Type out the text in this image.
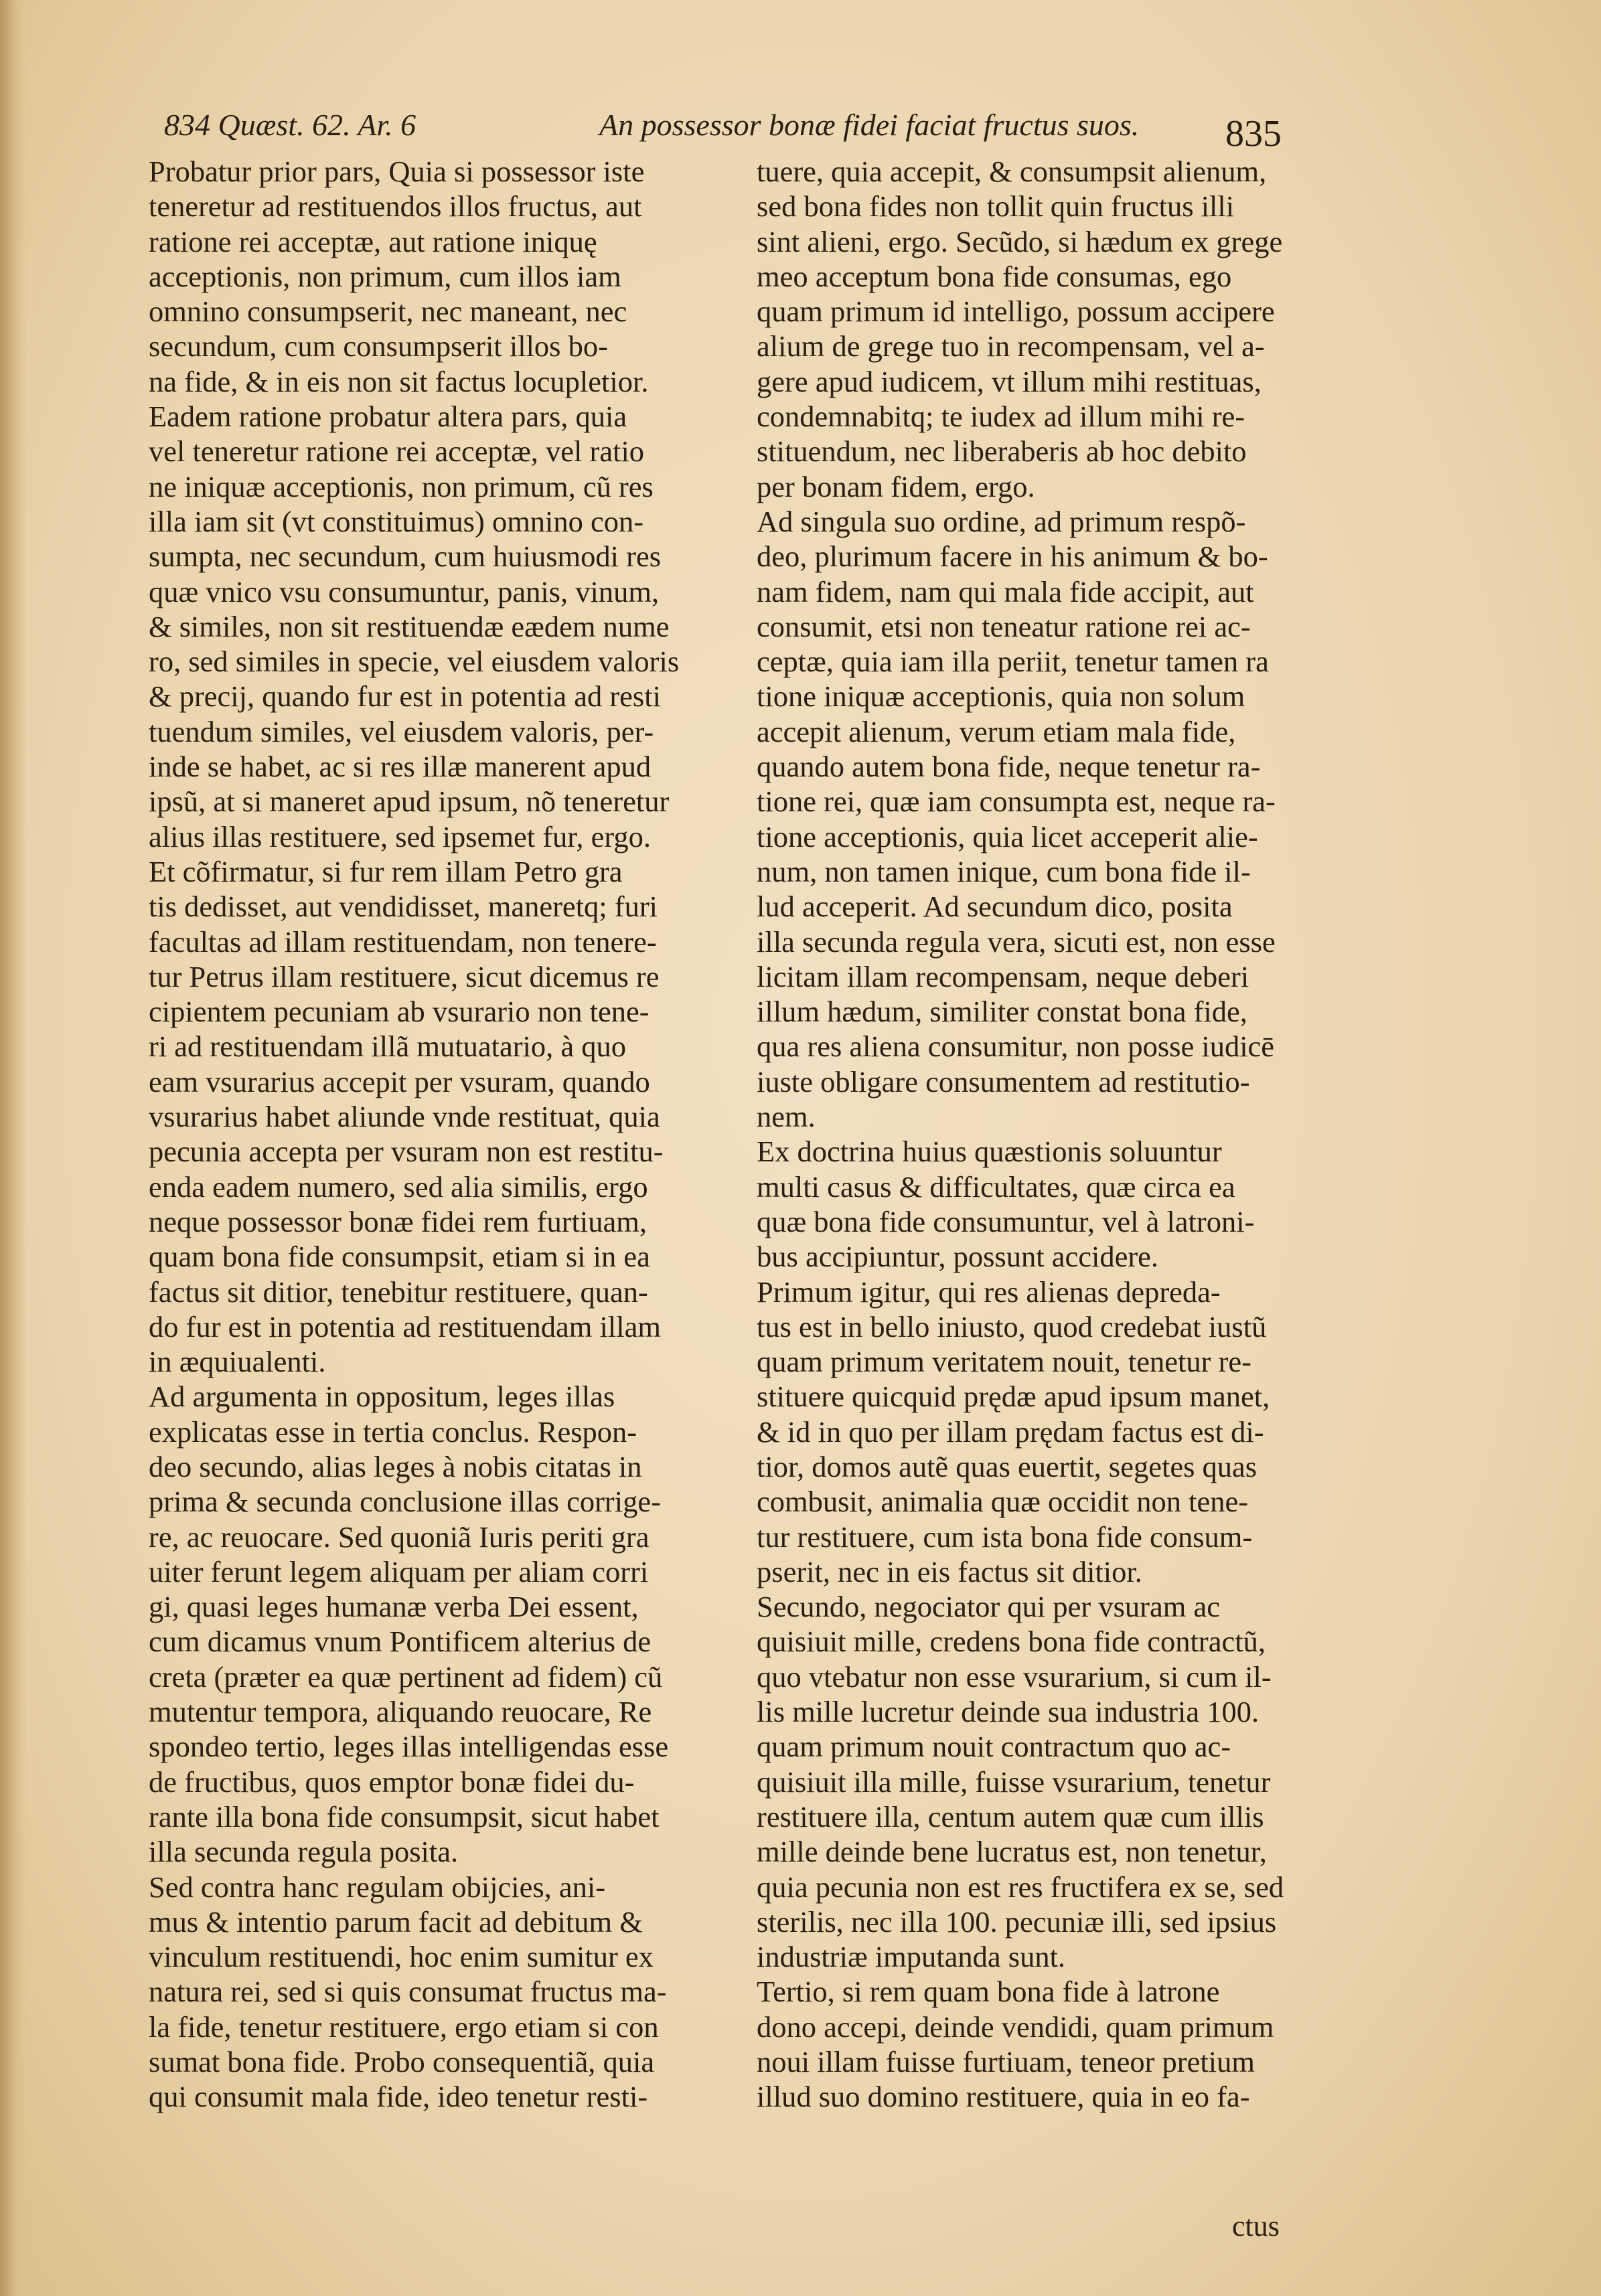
834 Quæst. 62. Ar. 6	An possessor bonæ fidei faciat fructus suos. 835
Probatur prior pars, Quia si possessor iste
teneretur ad restituendos illos fructus, aut
ratione rei acceptæ, aut ratione iniquę
acceptionis, non primum, cum illos iam
omnino consumpserit, nec maneant, nec
secundum, cum consumpserit illos bo-
na fide, & in eis non sit factus locupletior.
Eadem ratione probatur altera pars, quia
vel teneretur ratione rei acceptæ, vel ratio
ne iniquæ acceptionis, non primum, cũ res
illa iam sit (vt constituimus) omnino con-
sumpta, nec secundum, cum huiusmodi res
quæ vnico vsu consumuntur, panis, vinum,
& similes, non sit restituendæ eædem nume
ro, sed similes in specie, vel eiusdem valoris
& precij, quando fur est in potentia ad resti
tuendum similes, vel eiusdem valoris, per-
inde se habet, ac si res illæ manerent apud
ipsũ, at si maneret apud ipsum, nõ teneretur
alius illas restituere, sed ipsemet fur, ergo.
Et cõfirmatur, si fur rem illam Petro gra
tis dedisset, aut vendidisset, maneretq; furi
facultas ad illam restituendam, non tenere-
tur Petrus illam restituere, sicut dicemus re
cipientem pecuniam ab vsurario non tene-
ri ad restituendam illã mutuatario, à quo
eam vsurarius accepit per vsuram, quando
vsurarius habet aliunde vnde restituat, quia
pecunia accepta per vsuram non est restitu-
enda eadem numero, sed alia similis, ergo
neque possessor bonæ fidei rem furtiuam,
quam bona fide consumpsit, etiam si in ea
factus sit ditior, tenebitur restituere, quan-
do fur est in potentia ad restituendam illam
in æquiualenti.
Ad argumenta in oppositum, leges illas
explicatas esse in tertia conclus. Respon-
deo secundo, alias leges à nobis citatas in
prima & secunda conclusione illas corrige-
re, ac reuocare. Sed quoniã Iuris periti gra
uiter ferunt legem aliquam per aliam corri
gi, quasi leges humanæ verba Dei essent,
cum dicamus vnum Pontificem alterius de
creta (præter ea quæ pertinent ad fidem) cũ
mutentur tempora, aliquando reuocare, Re
spondeo tertio, leges illas intelligendas esse
de fructibus, quos emptor bonæ fidei du-
rante illa bona fide consumpsit, sicut habet
illa secunda regula posita.
Sed contra hanc regulam obijcies, ani-
mus & intentio parum facit ad debitum &
vinculum restituendi, hoc enim sumitur ex
natura rei, sed si quis consumat fructus ma-
la fide, tenetur restituere, ergo etiam si con
sumat bona fide. Probo consequentiã, quia
qui consumit mala fide, ideo tenetur resti-
tuere, quia accepit, & consumpsit alienum,
sed bona fides non tollit quin fructus illi
sint alieni, ergo. Secũdo, si hædum ex grege
meo acceptum bona fide consumas, ego
quam primum id intelligo, possum accipere
alium de grege tuo in recompensam, vel a-
gere apud iudicem, vt illum mihi restituas,
condemnabitq; te iudex ad illum mihi re-
stituendum, nec liberaberis ab hoc debito
per bonam fidem, ergo.
Ad singula suo ordine, ad primum respõ-
deo, plurimum facere in his animum & bo-
nam fidem, nam qui mala fide accipit, aut
consumit, etsi non teneatur ratione rei ac-
ceptæ, quia iam illa periit, tenetur tamen ra
tione iniquæ acceptionis, quia non solum
accepit alienum, verum etiam mala fide,
quando autem bona fide, neque tenetur ra-
tione rei, quæ iam consumpta est, neque ra-
tione acceptionis, quia licet acceperit alie-
num, non tamen inique, cum bona fide il-
lud acceperit. Ad secundum dico, posita
illa secunda regula vera, sicuti est, non esse
licitam illam recompensam, neque deberi
illum hædum, similiter constat bona fide,
qua res aliena consumitur, non posse iudicē
iuste obligare consumentem ad restitutio-
nem.
Ex doctrina huius quæstionis soluuntur
multi casus & difficultates, quæ circa ea
quæ bona fide consumuntur, vel à latroni-
bus accipiuntur, possunt accidere.
Primum igitur, qui res alienas depreda-
tus est in bello iniusto, quod credebat iustũ
quam primum veritatem nouit, tenetur re-
stituere quicquid prędæ apud ipsum manet,
& id in quo per illam prędam factus est di-
tior, domos autẽ quas euertit, segetes quas
combusit, animalia quæ occidit non tene-
tur restituere, cum ista bona fide consum-
pserit, nec in eis factus sit ditior.
Secundo, negociator qui per vsuram ac
quisiuit mille, credens bona fide contractũ,
quo vtebatur non esse vsurarium, si cum il-
lis mille lucretur deinde sua industria 100.
quam primum nouit contractum quo ac-
quisiuit illa mille, fuisse vsurarium, tenetur
restituere illa, centum autem quæ cum illis
mille deinde bene lucratus est, non tenetur,
quia pecunia non est res fructifera ex se, sed
sterilis, nec illa 100. pecuniæ illi, sed ipsius
industriæ imputanda sunt.
Tertio, si rem quam bona fide à latrone
dono accepi, deinde vendidi, quam primum
noui illam fuisse furtiuam, teneor pretium
illud suo domino restituere, quia in eo fa-
ctus
